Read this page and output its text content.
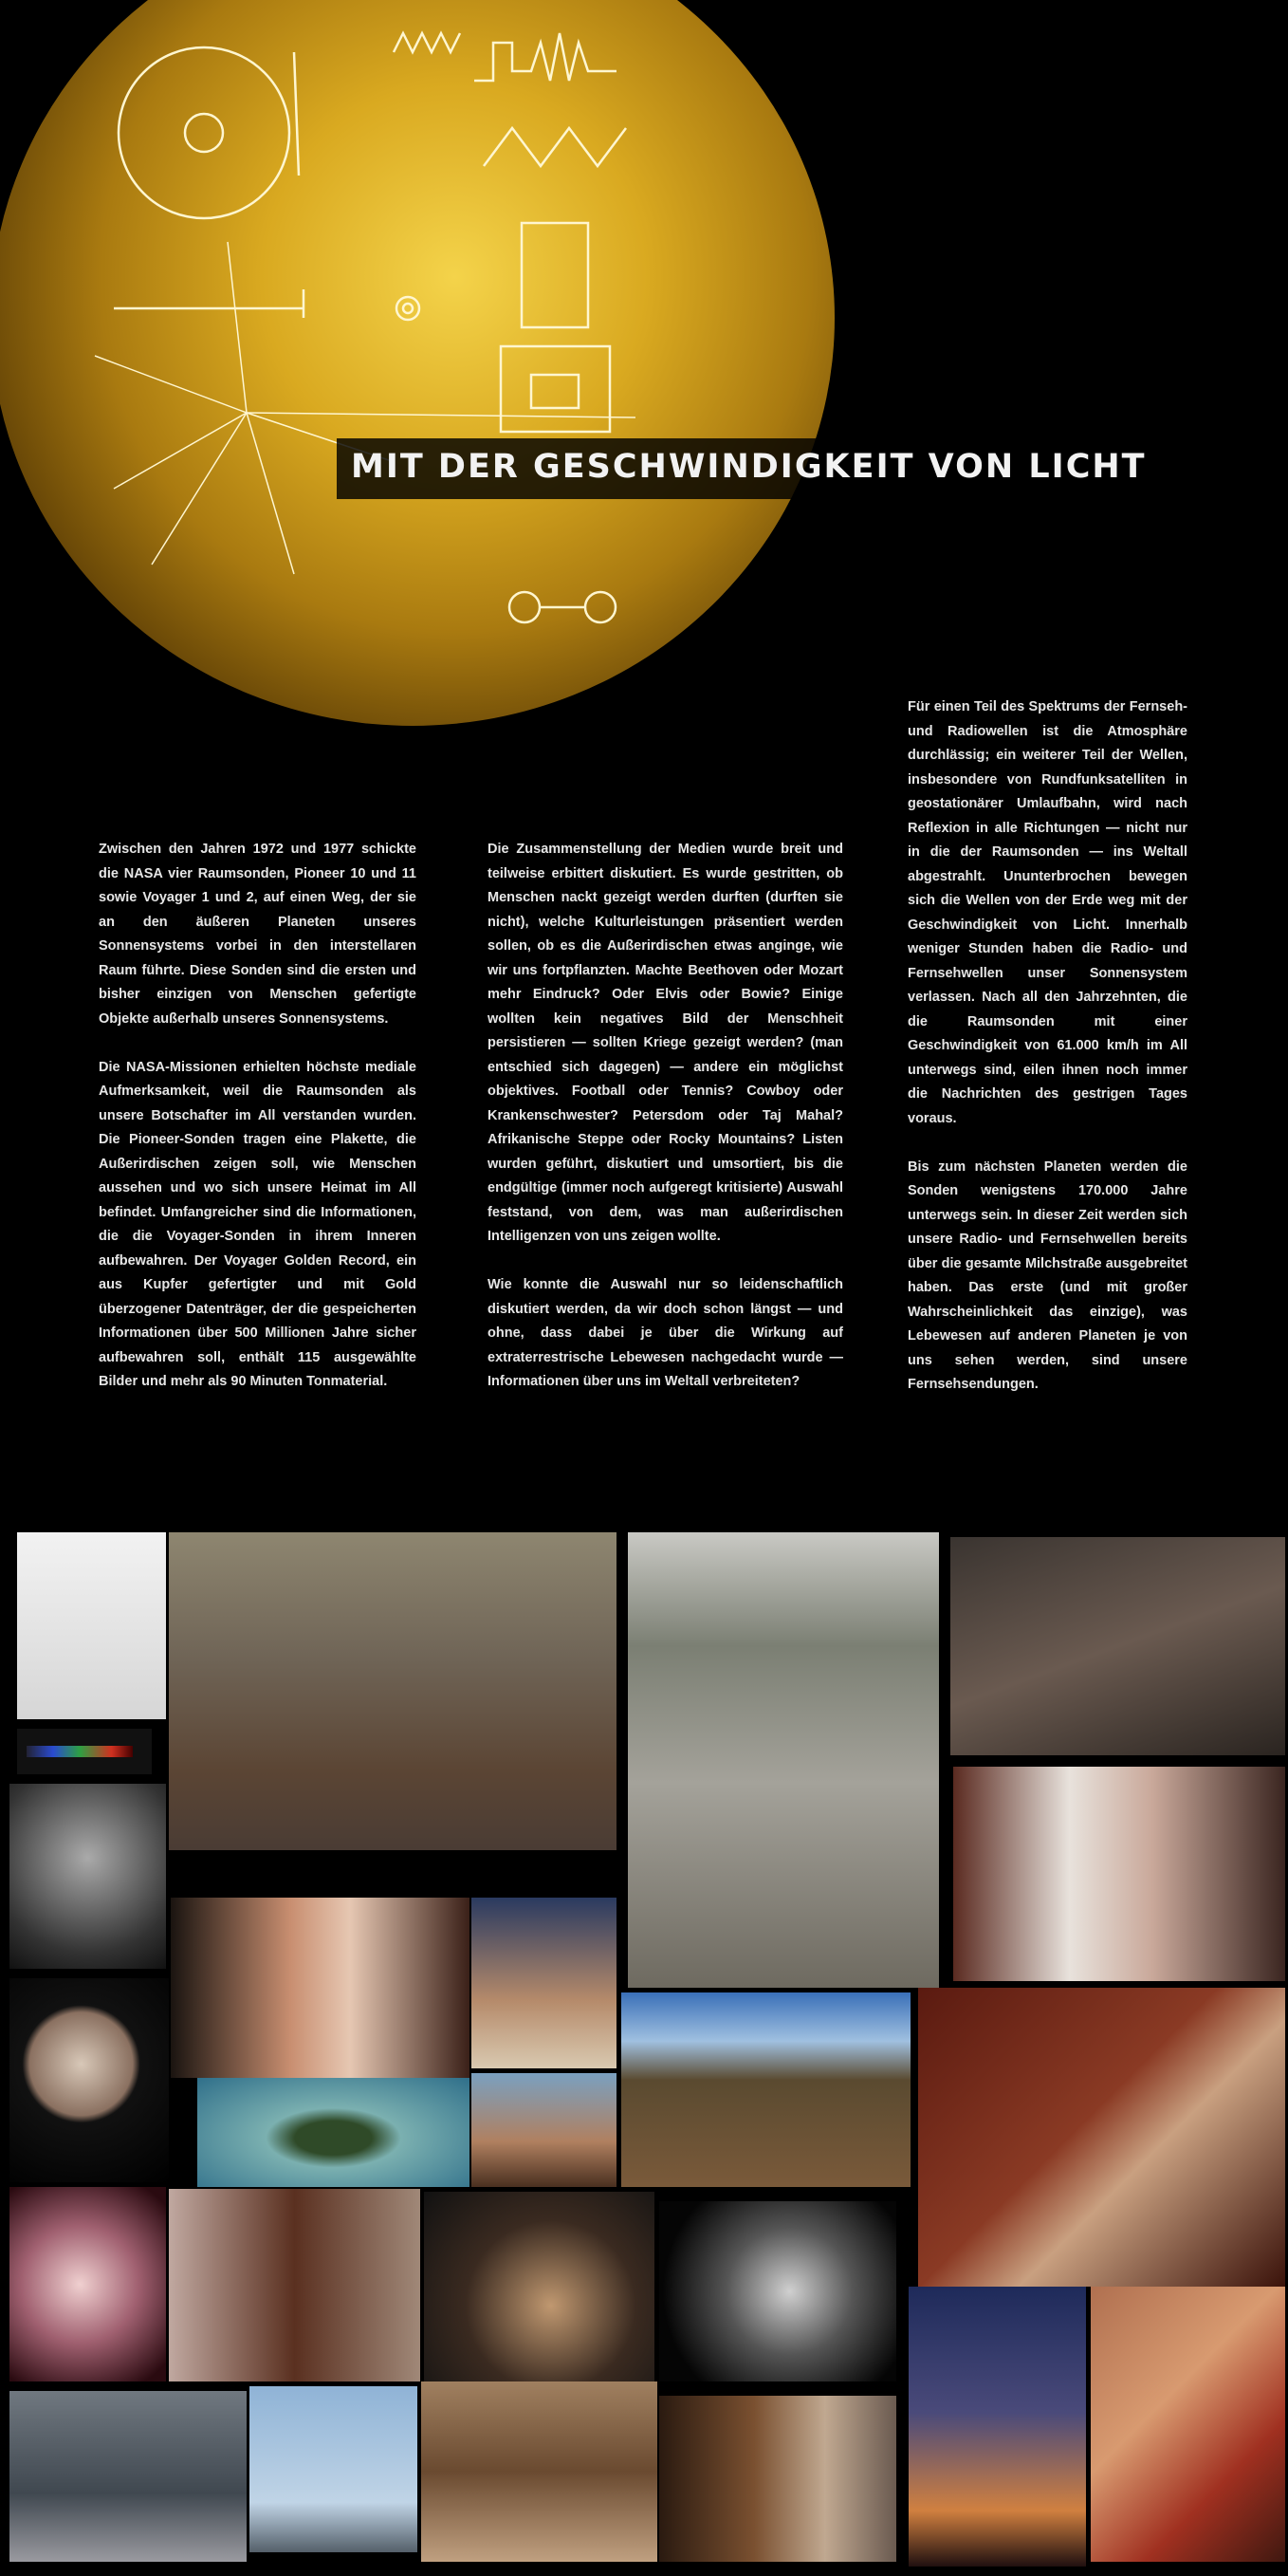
MIT DER GESCHWINDIGKEIT VON LICHT

Zwischen den Jahren 1972 und 1977 schickte die NASA vier Raumsonden, Pioneer 10 und 11 sowie Voyager 1 und 2, auf einen Weg, der sie an den äußeren Planeten unseres Sonnensystems vorbei in den interstellaren Raum führte. Diese Sonden sind die ersten und bisher einzigen von Menschen gefertigte Objekte außerhalb unseres Sonnensystems.

Die NASA-Missionen erhielten höchste mediale Aufmerksamkeit, weil die Raumsonden als unsere Botschafter im All verstanden wurden. Die Pioneer-Sonden tragen eine Plakette, die Außerirdischen zeigen soll, wie Menschen aussehen und wo sich unsere Heimat im All befindet. Umfangreicher sind die Informationen, die die Voyager-Sonden in ihrem Inneren aufbewahren. Der Voyager Golden Record, ein aus Kupfer gefertigter und mit Gold überzogener Datenträger, der die gespeicherten Informationen über 500 Millionen Jahre sicher aufbewahren soll, enthält 115 ausgewählte Bilder und mehr als 90 Minuten Tonmaterial.

Die Zusammenstellung der Medien wurde breit und teilweise erbittert diskutiert. Es wurde gestritten, ob Menschen nackt gezeigt werden durften (durften sie nicht), welche Kulturleistungen präsentiert werden sollen, ob es die Außerirdischen etwas anginge, wie wir uns fortpflanzten. Machte Beethoven oder Mozart mehr Eindruck? Oder Elvis oder Bowie? Einige wollten kein negatives Bild der Menschheit persistieren — sollten Kriege gezeigt werden? (man entschied sich dagegen) — andere ein möglichst objektives. Football oder Tennis? Cowboy oder Krankenschwester? Petersdom oder Taj Mahal? Afrikanische Steppe oder Rocky Mountains? Listen wurden geführt, diskutiert und umsortiert, bis die endgültige (immer noch aufgeregt kritisierte) Auswahl feststand, von dem, was man außerirdischen Intelligenzen von uns zeigen wollte.

Wie konnte die Auswahl nur so leidenschaftlich diskutiert werden, da wir doch schon längst — und ohne, dass dabei je über die Wirkung auf extraterrestrische Lebewesen nachgedacht wurde — Informationen über uns im Weltall verbreiteten?

Für einen Teil des Spektrums der Fernseh- und Radiowellen ist die Atmosphäre durchlässig; ein weiterer Teil der Wellen, insbesondere von Rundfunksatelliten in geostationärer Umlaufbahn, wird nach Reflexion in alle Richtungen — nicht nur in die der Raumsonden — ins Weltall abgestrahlt. Ununterbrochen bewegen sich die Wellen von der Erde weg mit der Geschwindigkeit von Licht. Innerhalb weniger Stunden haben die Radio- und Fernsehwellen unser Sonnensystem verlassen. Nach all den Jahrzehnten, die die Raumsonden mit einer Geschwindigkeit von 61.000 km/h im All unterwegs sind, eilen ihnen noch immer die Nachrichten des gestrigen Tages voraus.

Bis zum nächsten Planeten werden die Sonden wenigstens 170.000 Jahre unterwegs sein. In dieser Zeit werden sich unsere Radio- und Fernsehwellen bereits über die gesamte Milchstraße ausgebreitet haben. Das erste (und mit großer Wahrscheinlichkeit das einzige), was Lebewesen auf anderen Planeten je von uns sehen werden, sind unsere Fernsehsendungen.
